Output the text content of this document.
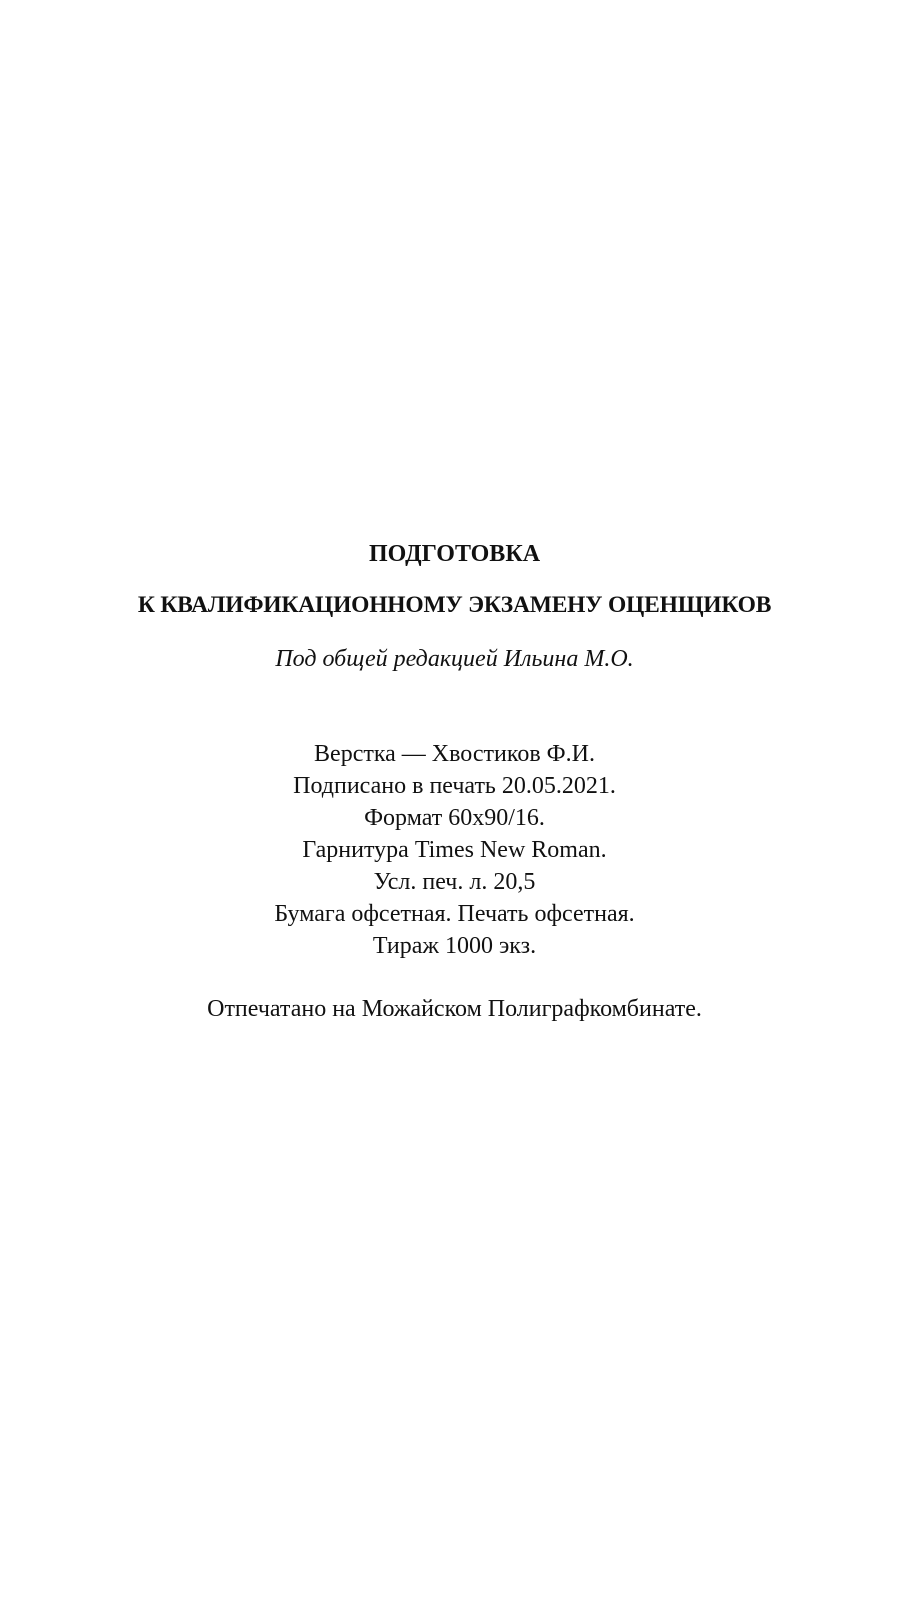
ПОДГОТОВКА
К КВАЛИФИКАЦИОННОМУ ЭКЗАМЕНУ ОЦЕНЩИКОВ
Под общей редакцией Ильина М.О.
Верстка — Хвостиков Ф.И.
Подписано в печать 20.05.2021.
Формат 60x90/16.
Гарнитура Times New Roman.
Усл. печ. л. 20,5
Бумага офсетная. Печать офсетная.
Тираж 1000 экз.
Отпечатано на Можайском Полиграфкомбинате.
